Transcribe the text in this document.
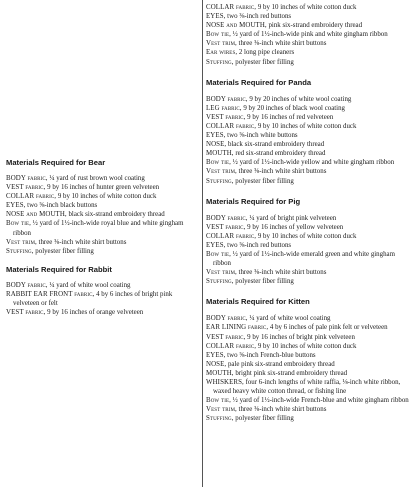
Materials Required for Bear

BODY fabric, ¼ yard of rust brown wool coating

VEST fabric, 9 by 16 inches of hunter green velveteen

COLLAR fabric, 9 by 10 inches of white cotton duck

EYES, two ⅝-inch black buttons

NOSE and MOUTH, black six-strand embroidery thread

Bow tie, ½ yard of 1½-inch-wide royal blue and white gingham ribbon

Vest trim, three ⅜-inch white shirt buttons

Stuffing, polyester fiber filling

Materials Required for Rabbit

BODY fabric, ¼ yard of white wool coating

RABBIT EAR FRONT fabric, 4 by 6 inches of bright pink velveteen or felt

VEST fabric, 9 by 16 inches of orange velveteen

COLLAR fabric, 9 by 10 inches of white cotton duck

EYES, two ⅜-inch red buttons

NOSE and MOUTH, pink six-strand embroidery thread

Bow tie, ½ yard of 1½-inch-wide pink and white gingham ribbon

Vest trim, three ⅜-inch white shirt buttons

Ear wires, 2 long pipe cleaners

Stuffing, polyester fiber filling

Materials Required for Panda

BODY fabric, 9 by 20 inches of white wool coating

LEG fabric, 9 by 20 inches of black wool coating

VEST fabric, 9 by 16 inches of red velveteen

COLLAR fabric, 9 by 10 inches of white cotton duck

EYES, two ⅝-inch white buttons

NOSE, black six-strand embroidery thread

MOUTH, red six-strand embroidery thread

Bow tie, ½ yard of 1½-inch-wide yellow and white gingham ribbon

Vest trim, three ⅜-inch white shirt buttons

Stuffing, polyester fiber filling

Materials Required for Pig

BODY fabric, ¼ yard of bright pink velveteen

VEST fabric, 9 by 16 inches of yellow velveteen

COLLAR fabric, 9 by 10 inches of white cotton duck

EYES, two ⅝-inch red buttons

Bow tie, ½ yard of 1½-inch-wide emerald green and white gingham ribbon

Vest trim, three ⅜-inch white shirt buttons

Stuffing, polyester fiber filling

Materials Required for Kitten

BODY fabric, ¼ yard of white wool coating

EAR LINING fabric, 4 by 6 inches of pale pink felt or velveteen

VEST fabric, 9 by 16 inches of bright pink velveteen

COLLAR fabric, 9 by 10 inches of white cotton duck

EYES, two ⅝-inch French-blue buttons

NOSE, pale pink six-strand embroidery thread

MOUTH, bright pink six-strand embroidery thread

WHISKERS, four 6-inch lengths of white raffia, ⅛-inch white ribbon, waxed heavy white cotton thread, or fishing line

Bow tie, ½ yard of 1½-inch-wide French-blue and white gingham ribbon

Vest trim, three ⅜-inch white shirt buttons

Stuffing, polyester fiber filling
